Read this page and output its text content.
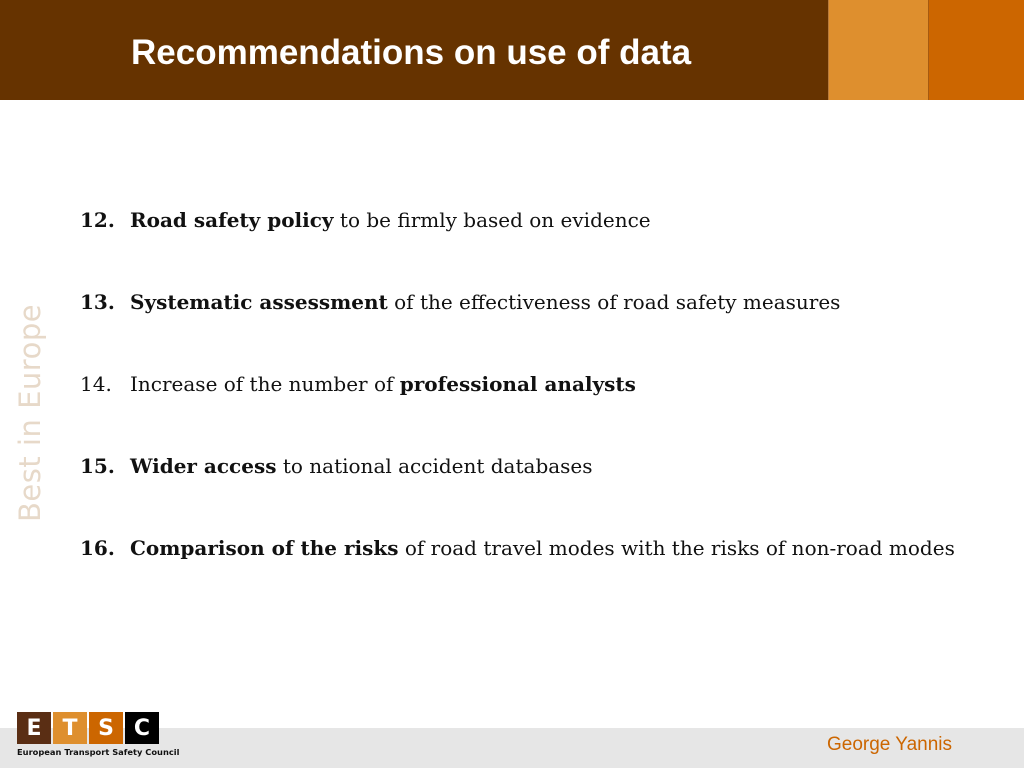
Recommendations on use of data
Best in Europe
12. Road safety policy to be firmly based on evidence
13. Systematic assessment of the effectiveness of road safety measures
14. Increase of the number of professional analysts
15. Wider access to national accident databases
16. Comparison of the risks of road travel modes with the risks of non-road modes
E T S C
European Transport Safety Council	George Yannis
